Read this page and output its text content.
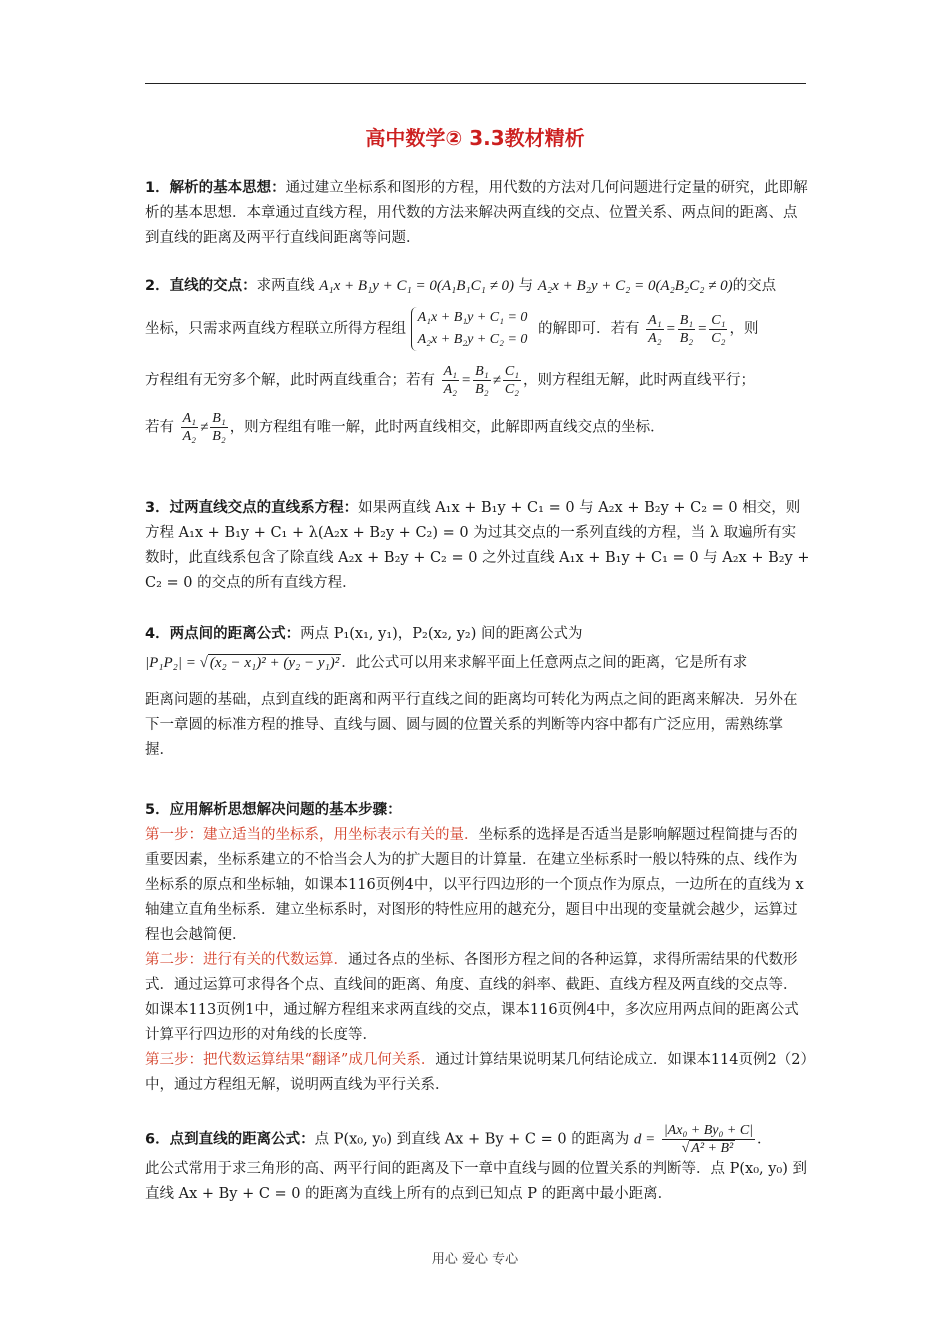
高中数学② 3.3教材精析
1．解析的基本思想：通过建立坐标系和图形的方程，用代数的方法对几何问题进行定量的研究，此即解析的基本思想．本章通过直线方程，用代数的方法来解决两直线的交点、位置关系、两点间的距离、点到直线的距离及两平行直线间距离等问题．
2．直线的交点：求两直线 A₁x + B₁y + C₁ = 0(A₁B₁C₁ ≠ 0) 与 A₂x + B₂y + C₂ = 0(A₂B₂C₂ ≠ 0)的交点
坐标，只需求两直线方程联立所得方程组
A₁x + B₁y + C₁ = 0
A₂x + B₂y + C₂ = 0
的解即可．若有 $\frac{\text{A₁}}{\text{A₂}} = \frac{\text{B₁}}{\text{B₂}} = \frac{\text{C₁}}{\text{C₂}}$ ，则
方程组有无穷多个解，此时两直线重合；若有 $\frac{\text{A₁}}{\text{A₂}} = \frac{\text{B₁}}{\text{B₂}} \ne \frac{\text{C₁}}{\text{C₂}}$ ，则方程组无解，此时两直线平行；
若有 $\frac{\text{A₁}}{\text{A₂}} \ne \frac{\text{B₁}}{\text{B₂}}$ ，则方程组有唯一解，此时两直线相交，此解即两直线交点的坐标．
3．过两直线交点的直线系方程：如果两直线 A₁x + B₁y + C₁ = 0 与 A₂x + B₂y + C₂ = 0 相交，则方程 A₁x + B₁y + C₁ + λ(A₂x + B₂y + C₂) = 0 为过其交点的一系列直线的方程，当 λ 取遍所有实数时，此直线系包含了除直线 A₂x + B₂y + C₂ = 0 之外过直线 A₁x + B₁y + C₁ = 0 与 A₂x + B₂y + C₂ = 0 的交点的所有直线方程．
4．两点间的距离公式：两点 P₁(x₁, y₁)，P₂(x₂, y₂) 间的距离公式为
|P₁P₂| = √ (x₂ − x₁)² + (y₂ − y₁)² ．此公式可以用来求解平面上任意两点之间的距离，它是所有求
距离问题的基础，点到直线的距离和两平行直线之间的距离均可转化为两点之间的距离来解决．另外在下一章圆的标准方程的推导、直线与圆、圆与圆的位置关系的判断等内容中都有广泛应用，需熟练掌握．
5．应用解析思想解决问题的基本步骤：
第一步：建立适当的坐标系，用坐标表示有关的量．坐标系的选择是否适当是影响解题过程简捷与否的重要因素，坐标系建立的不恰当会人为的扩大题目的计算量．在建立坐标系时一般以特殊的点、线作为坐标系的原点和坐标轴，如课本116页例4中，以平行四边形的一个顶点作为原点，一边所在的直线为 x 轴建立直角坐标系．建立坐标系时，对图形的特性应用的越充分，题目中出现的变量就会越少，运算过程也会越简便．
第二步：进行有关的代数运算．通过各点的坐标、各图形方程之间的各种运算，求得所需结果的代数形式．通过运算可求得各个点、直线间的距离、角度、直线的斜率、截距、直线方程及两直线的交点等．如课本113页例1中，通过解方程组来求两直线的交点，课本116页例4中，多次应用两点间的距离公式计算平行四边形的对角线的长度等．
第三步：把代数运算结果“翻译”成几何关系．通过计算结果说明某几何结论成立．如课本114页例2（2）中，通过方程组无解，说明两直线为平行关系．
6．点到直线的距离公式：点 P(x₀, y₀) 到直线 Ax + By + C = 0 的距离为 $d = \frac{\text{|Ax₀ + By₀ + C|}}{\text{√ A² + B²}}$ ．
此公式常用于求三角形的高、两平行间的距离及下一章中直线与圆的位置关系的判断等．点 P(x₀, y₀) 到直线 Ax + By + C = 0 的距离为直线上所有的点到已知点 P 的距离中最小距离．
用心 爱心 专心
